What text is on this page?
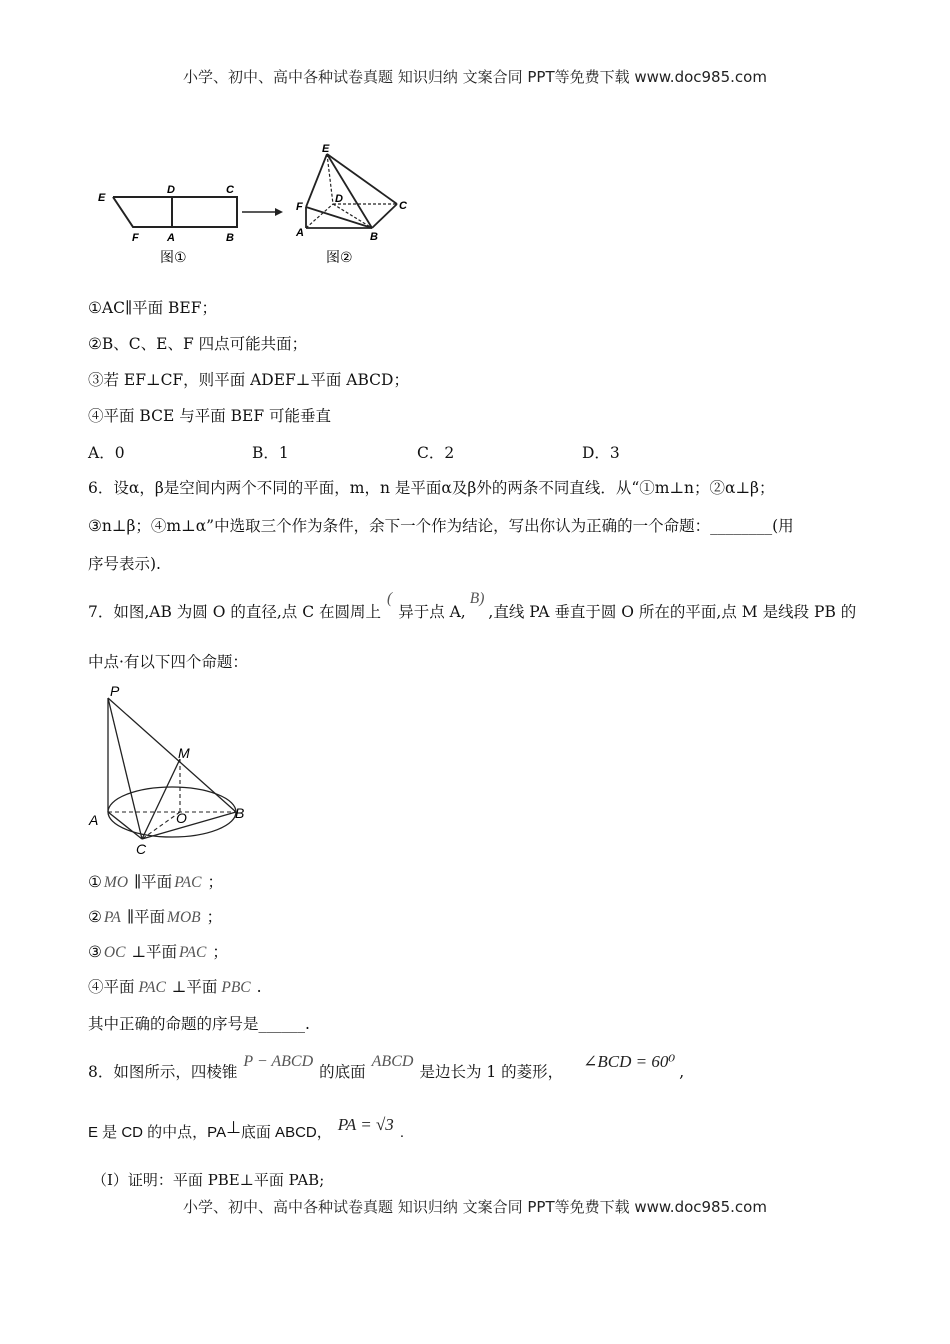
小学、初中、高中各种试卷真题 知识归纳 文案合同 PPT等免费下载 www.doc985.com
E
D	C
F	A	B
图①
E
D
C
F
A	B
图②
①AC∥平面 BEF；
②B、C、E、F 四点可能共面；
③若 EF⊥CF，则平面 ADEF⊥平面 ABCD；
④平面 BCE 与平面 BEF 可能垂直
A．0	B．1	C．2	D．3
6．设α，β是空间内两个不同的平面，m，n 是平面α及β外的两条不同直线．从“①m⊥n；②α⊥β；
③n⊥β；④m⊥α”中选取三个作为条件，余下一个作为结论，写出你认为正确的一个命题：________(用
序号表示).
7．如图,AB 为圆 O 的直径,点 C 在圆周上(异于点 A,B),直线 PA 垂直于圆 O 所在的平面,点 M 是线段 PB 的
中点·有以下四个命题：
P
M
A	O	B
C
① MO ∥平面 PAC ；
② PA ∥平面 MOB ；
③ OC ⊥平面 PAC ；
④平面 PAC ⊥平面 PBC .
其中正确的命题的序号是______.
8．如图所示，四棱锥P − ABCD的底面ABCD是边长为 1 的菱形，∠BCD = 60⁰,
E 是 CD 的中点，PA⊥底面 ABCD， PA = √3 .
（I）证明：平面 PBE⊥平面 PAB;
小学、初中、高中各种试卷真题 知识归纳 文案合同 PPT等免费下载 www.doc985.com
